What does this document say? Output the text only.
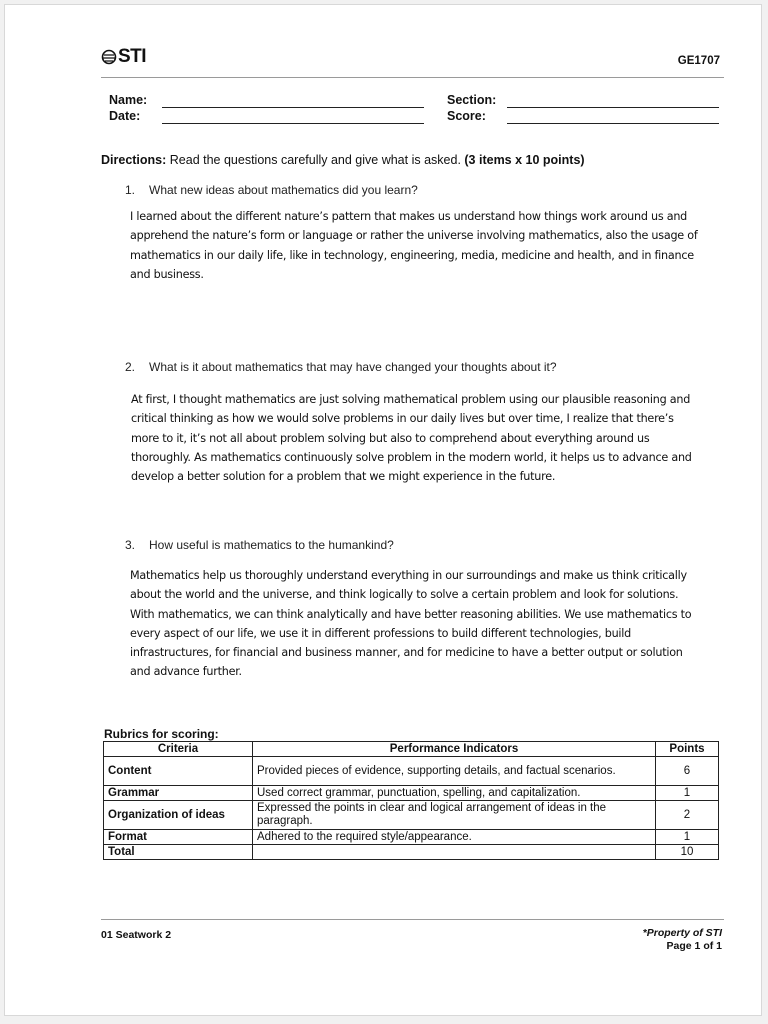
STI	GE1707
Name:
Date:
Section:
Score:
Directions: Read the questions carefully and give what is asked. (3 items x 10 points)
1. What new ideas about mathematics did you learn?
I learned about the different nature’s pattern that makes us understand how things work around us and apprehend the nature’s form or language or rather the universe involving mathematics, also the usage of mathematics in our daily life, like in technology, engineering, media, medicine and health, and in finance and business.
2. What is it about mathematics that may have changed your thoughts about it?
At first, I thought mathematics are just solving mathematical problem using our plausible reasoning and critical thinking as how we would solve problems in our daily lives but over time, I realize that there’s more to it, it’s not all about problem solving but also to comprehend about everything around us thoroughly. As mathematics continuously solve problem in the modern world, it helps us to advance and develop a better solution for a problem that we might experience in the future.
3. How useful is mathematics to the humankind?
Mathematics help us thoroughly understand everything in our surroundings and make us think critically about the world and the universe, and think logically to solve a certain problem and look for solutions. With mathematics, we can think analytically and have better reasoning abilities. We use mathematics to every aspect of our life, we use it in different professions to build different technologies, build infrastructures, for financial and business manner, and for medicine to have a better output or solution and advance further.
Rubrics for scoring:
Criteria	Performance Indicators	Points
Content	Provided pieces of evidence, supporting details, and factual scenarios.	6
Grammar	Used correct grammar, punctuation, spelling, and capitalization.	1
Organization of ideas	Expressed the points in clear and logical arrangement of ideas in the paragraph.	2
Format	Adhered to the required style/appearance.	1
Total		10
01 Seatwork 2	*Property of STI
Page 1 of 1
